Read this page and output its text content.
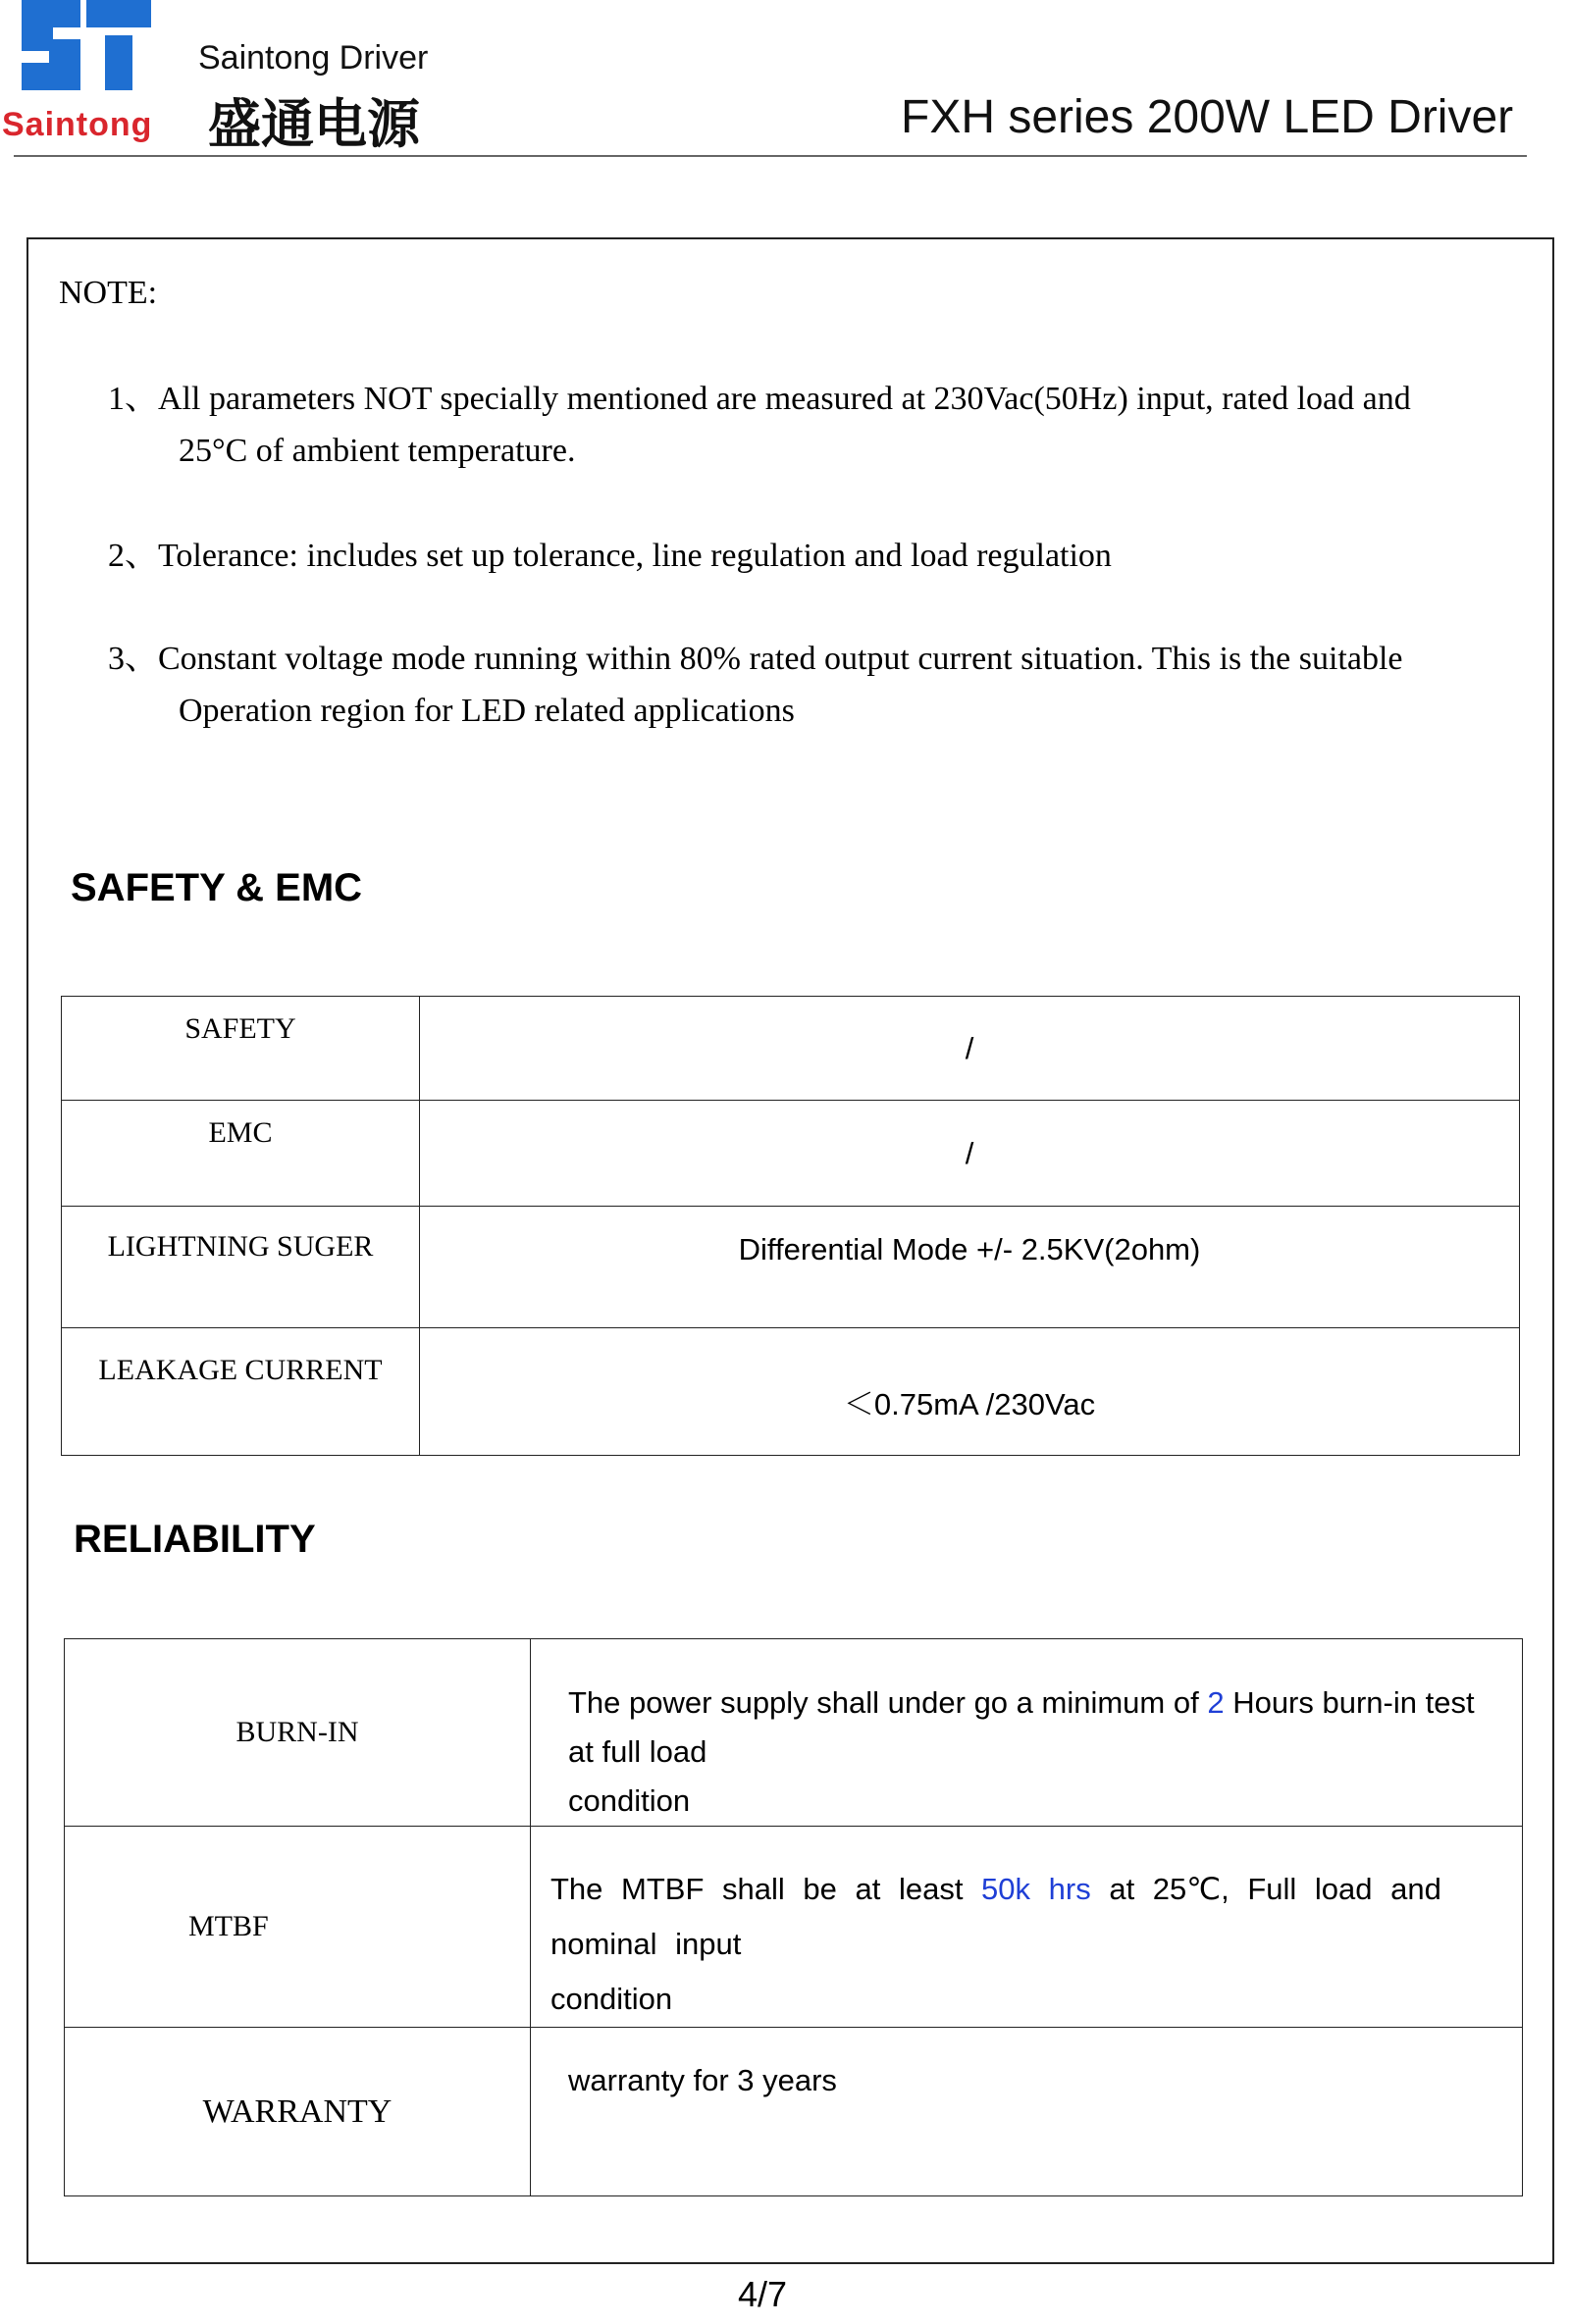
Saintong
Saintong Driver
盛通电源	FXH series 200W LED Driver
NOTE:
1、All parameters NOT specially mentioned are measured at 230Vac(50Hz) input, rated load and
25°C of ambient temperature.
2、Tolerance: includes set up tolerance, line regulation and load regulation
3、Constant voltage mode running within 80% rated output current situation. This is the suitable
Operation region for LED related applications
SAFETY & EMC
SAFETY	/
EMC	/
LIGHTNING SUGER	Differential Mode +/- 2.5KV(2ohm)
LEAKAGE CURRENT	＜0.75mA /230Vac
RELIABILITY
BURN-IN	The power supply shall under go a minimum of 2 Hours burn-in test at full load
condition
MTBF	The MTBF shall be at least 50k hrs at 25℃, Full load and nominal input
condition
WARRANTY	warranty for 3 years
4/7
